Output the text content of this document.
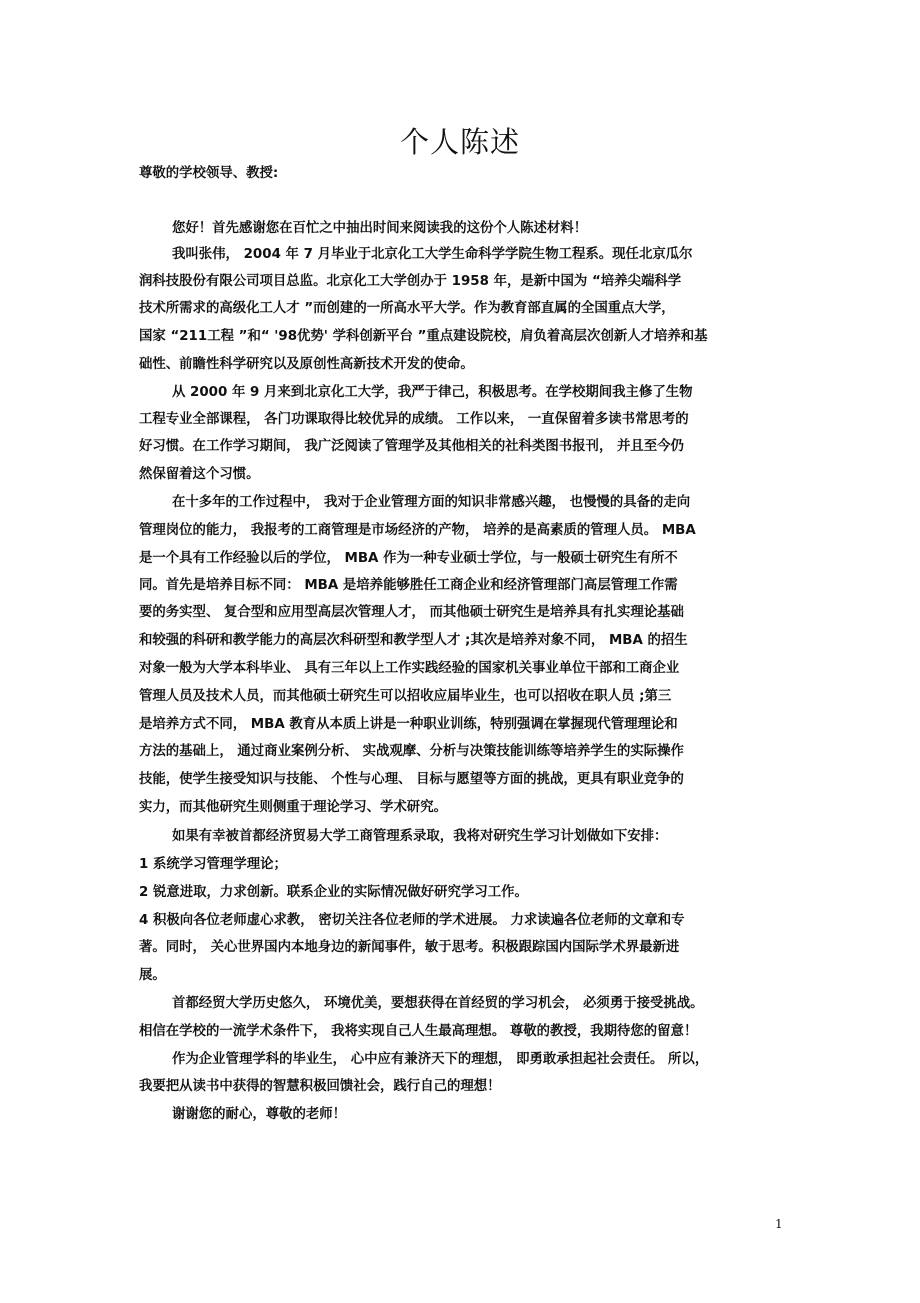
个人陈述
尊敬的学校领导、教授:
您好！首先感谢您在百忙之中抽出时间来阅读我的这份个人陈述材料！
我叫张伟， 2004 年 7 月毕业于北京化工大学生命科学学院生物工程系。现任北京瓜尔
润科技股份有限公司项目总监。北京化工大学创办于 1958 年，是新中国为 “培养尖端科学
技术所需求的高级化工人才 ”而创建的一所高水平大学。作为教育部直属的全国重点大学，
国家 “211工程 ”和“ '98优势' 学科创新平台 ”重点建设院校，肩负着高层次创新人才培养和基
础性、前瞻性科学研究以及原创性高新技术开发的使命。
从 2000 年 9 月来到北京化工大学，我严于律己，积极思考。在学校期间我主修了生物
工程专业全部课程， 各门功课取得比较优异的成绩。 工作以来， 一直保留着多读书常思考的
好习惯。在工作学习期间， 我广泛阅读了管理学及其他相关的社科类图书报刊， 并且至今仍
然保留着这个习惯。
在十多年的工作过程中， 我对于企业管理方面的知识非常感兴趣， 也慢慢的具备的走向
管理岗位的能力， 我报考的工商管理是市场经济的产物， 培养的是高素质的管理人员。 MBA
是一个具有工作经验以后的学位， MBA 作为一种专业硕士学位，与一般硕士研究生有所不
同。首先是培养目标不同： MBA 是培养能够胜任工商企业和经济管理部门高层管理工作需
要的务实型、 复合型和应用型高层次管理人才， 而其他硕士研究生是培养具有扎实理论基础
和较强的科研和教学能力的高层次科研型和教学型人才 ;其次是培养对象不同， MBA 的招生
对象一般为大学本科毕业、 具有三年以上工作实践经验的国家机关事业单位干部和工商企业
管理人员及技术人员，而其他硕士研究生可以招收应届毕业生，也可以招收在职人员 ;第三
是培养方式不同， MBA 教育从本质上讲是一种职业训练，特别强调在掌握现代管理理论和
方法的基础上， 通过商业案例分析、 实战观摩、分析与决策技能训练等培养学生的实际操作
技能，使学生接受知识与技能、 个性与心理、 目标与愿望等方面的挑战，更具有职业竞争的
实力，而其他研究生则侧重于理论学习、学术研究。
如果有幸被首都经济贸易大学工商管理系录取，我将对研究生学习计划做如下安排：
1 系统学习管理学理论；
2 锐意进取，力求创新。联系企业的实际情况做好研究学习工作。
4 积极向各位老师虚心求教， 密切关注各位老师的学术进展。 力求读遍各位老师的文章和专
著。同时， 关心世界国内本地身边的新闻事件，敏于思考。积极跟踪国内国际学术界最新进
展。
首都经贸大学历史悠久， 环境优美，要想获得在首经贸的学习机会， 必须勇于接受挑战。
相信在学校的一流学术条件下， 我将实现自己人生最高理想。 尊敬的教授，我期待您的留意！
作为企业管理学科的毕业生， 心中应有兼济天下的理想， 即勇敢承担起社会责任。 所以，
我要把从读书中获得的智慧积极回馈社会，践行自己的理想！
谢谢您的耐心，尊敬的老师！
1
